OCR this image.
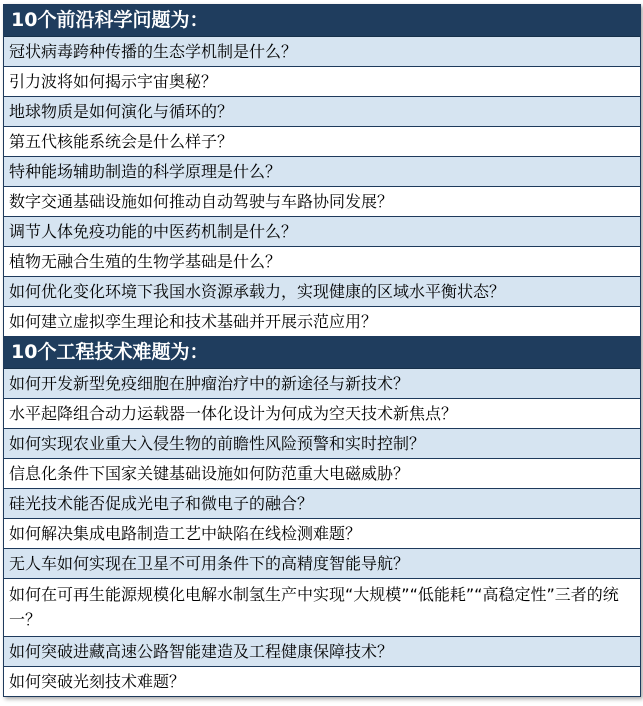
10个前沿科学问题为：
冠状病毒跨种传播的生态学机制是什么？
引力波将如何揭示宇宙奥秘？
地球物质是如何演化与循环的？
第五代核能系统会是什么样子？
特种能场辅助制造的科学原理是什么？
数字交通基础设施如何推动自动驾驶与车路协同发展？
调节人体免疫功能的中医药机制是什么？
植物无融合生殖的生物学基础是什么？
如何优化变化环境下我国水资源承载力，实现健康的区域水平衡状态？
如何建立虚拟孪生理论和技术基础并开展示范应用？
10个工程技术难题为：
如何开发新型免疫细胞在肿瘤治疗中的新途径与新技术？
水平起降组合动力运载器一体化设计为何成为空天技术新焦点？
如何实现农业重大入侵生物的前瞻性风险预警和实时控制？
信息化条件下国家关键基础设施如何防范重大电磁威胁？
硅光技术能否促成光电子和微电子的融合？
如何解决集成电路制造工艺中缺陷在线检测难题？
无人车如何实现在卫星不可用条件下的高精度智能导航？
如何在可再生能源规模化电解水制氢生产中实现“大规模”“低能耗”“高稳定性”三者的统一？
如何突破进藏高速公路智能建造及工程健康保障技术？
如何突破光刻技术难题？
